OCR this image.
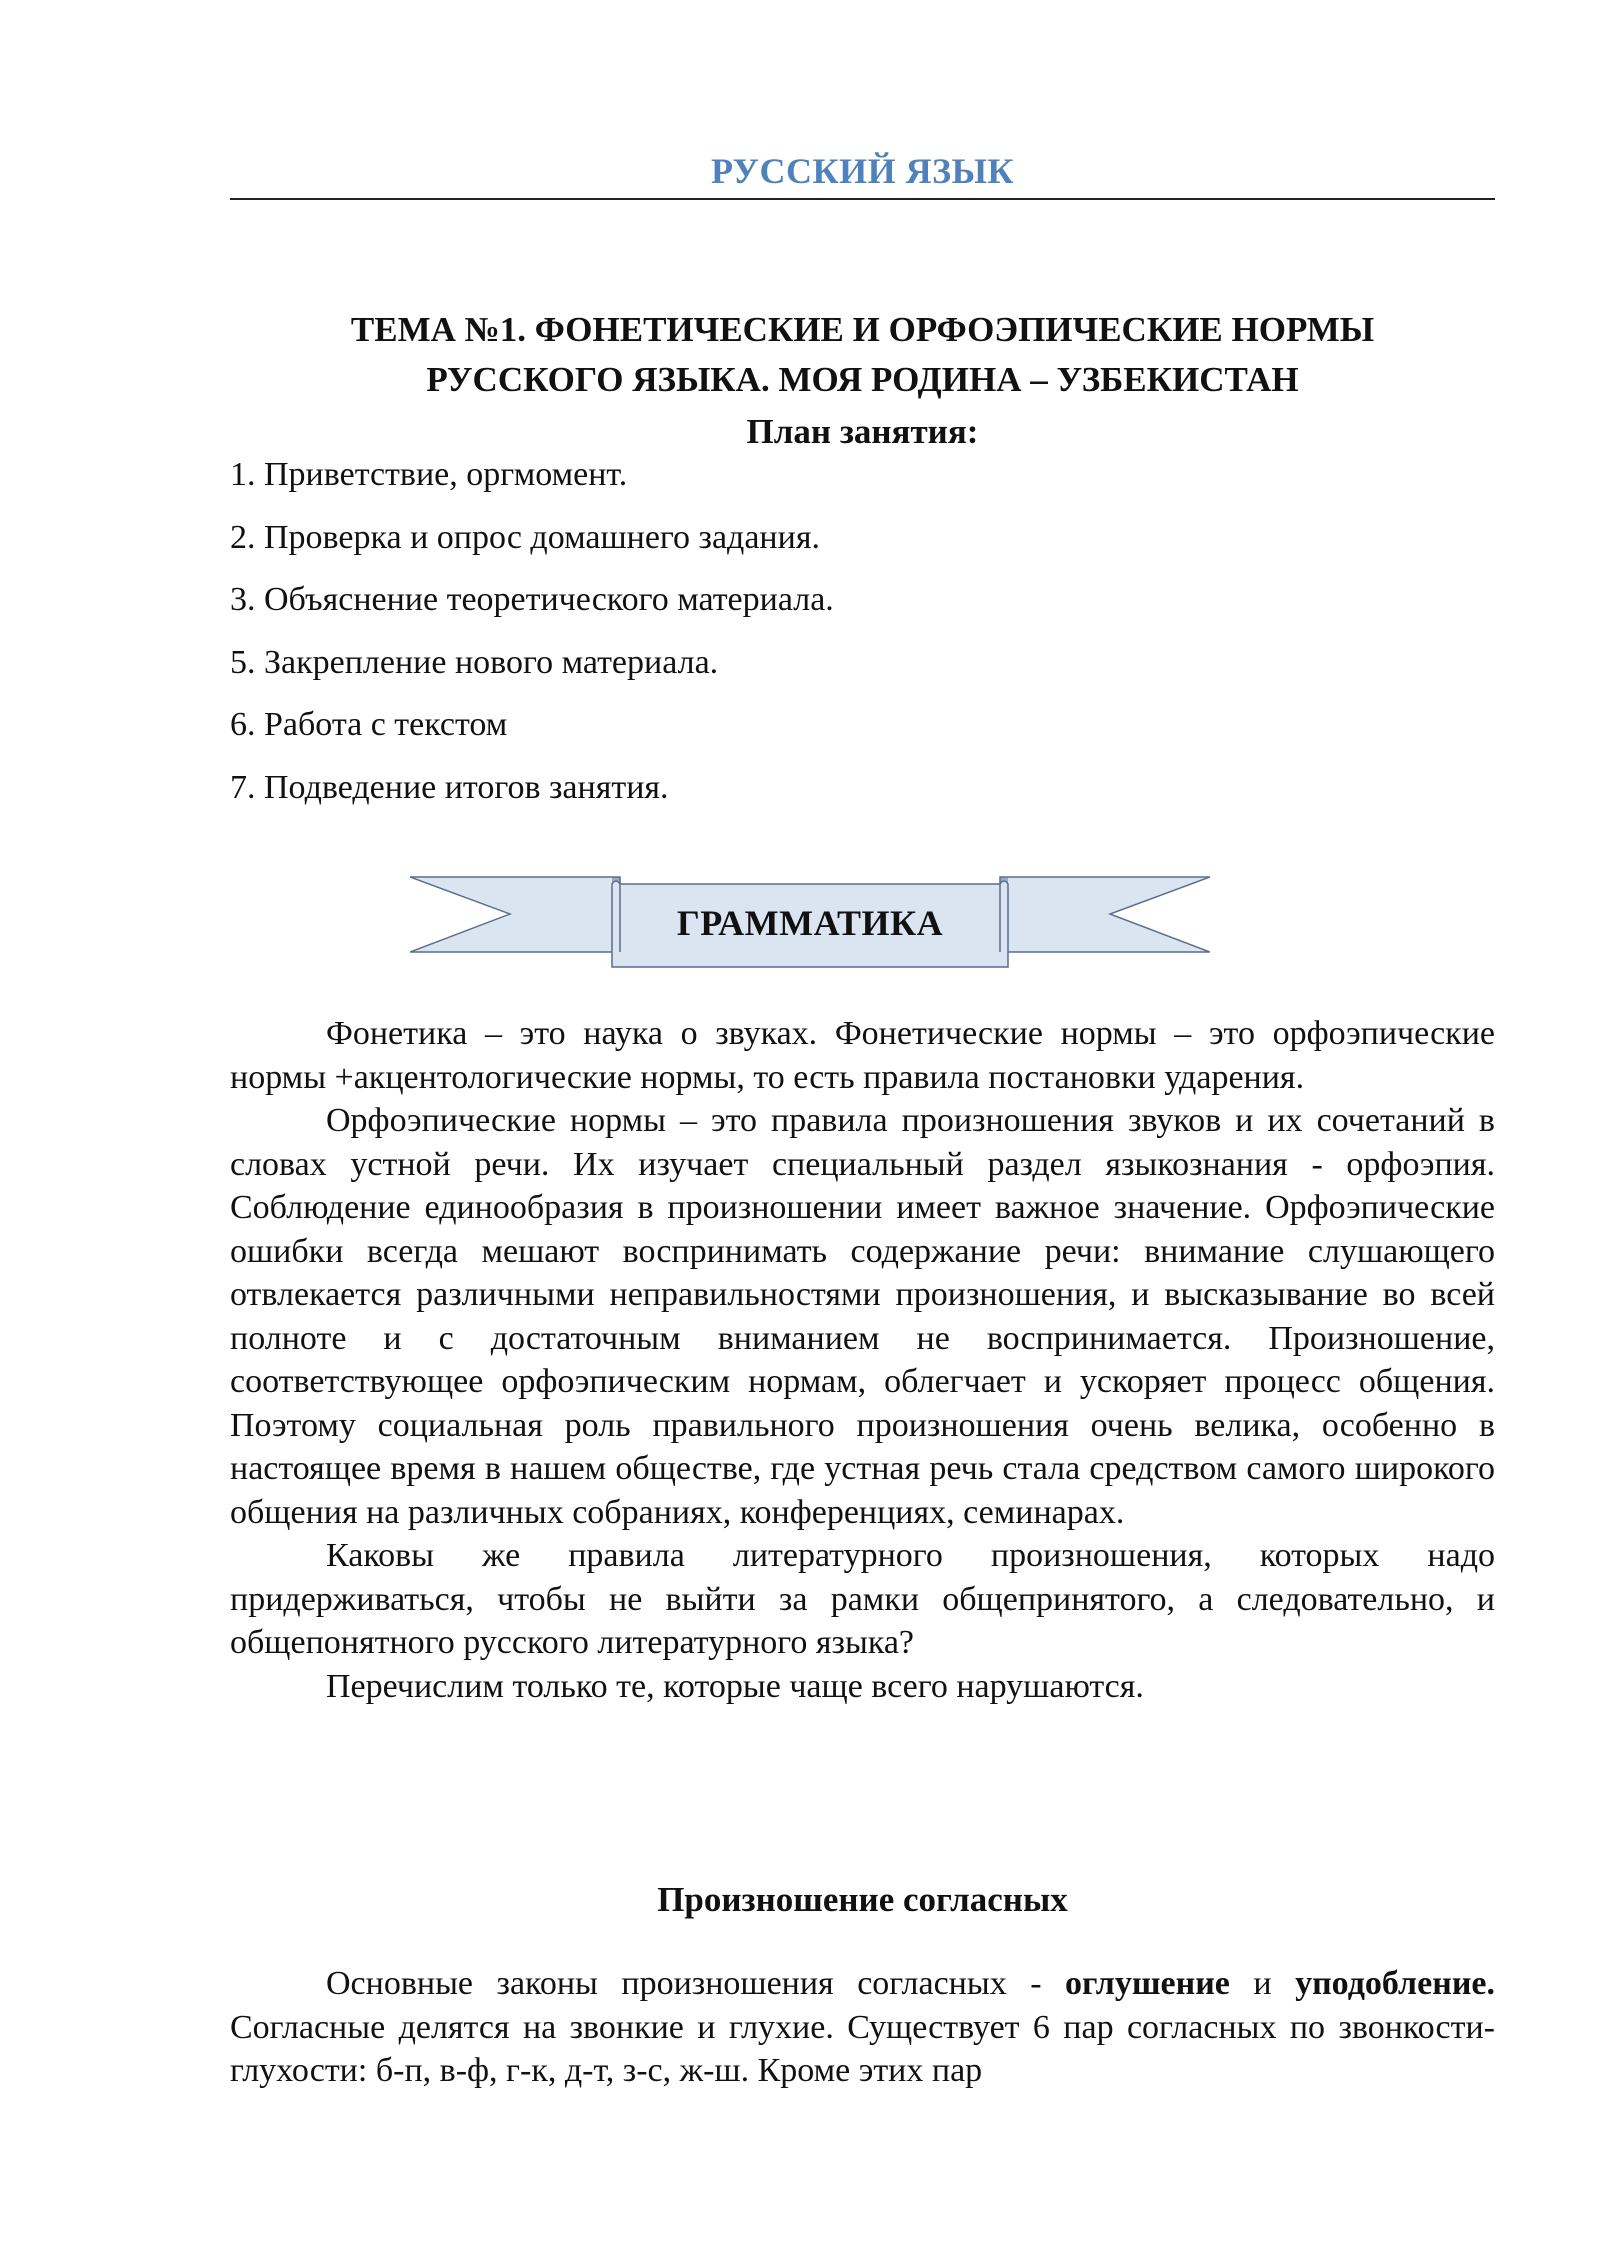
РУССКИЙ ЯЗЫК
ТЕМА №1. ФОНЕТИЧЕСКИЕ И ОРФОЭПИЧЕСКИЕ НОРМЫ
РУССКОГО ЯЗЫКА. МОЯ РОДИНА – УЗБЕКИСТАН
План занятия:
1. Приветствие, оргмомент.
2. Проверка и опрос домашнего задания.
3. Объяснение теоретического материала.
5. Закрепление нового материала.
6. Работа с текстом
7. Подведение итогов занятия.
ГРАММАТИКА

Фонетика – это наука о звуках. Фонетические нормы – это орфоэпические нормы +акцентологические нормы, то есть правила постановки ударения.

Орфоэпические нормы – это правила произношения звуков и их сочетаний в словах устной речи. Их изучает специальный раздел языкознания - орфоэпия. Соблюдение единообразия в произношении имеет важное значение. Орфоэпические ошибки всегда мешают воспринимать содержание речи: внимание слушающего отвлекается различными неправильностями произношения, и высказывание во всей полноте и с достаточным вниманием не воспринимается. Произношение, соответствующее орфоэпическим нормам, облегчает и ускоряет процесс общения. Поэтому социальная роль правильного произношения очень велика, особенно в настоящее время в нашем обществе, где устная речь стала средством самого широкого общения на различных собраниях, конференциях, семинарах.

Каковы же правила литературного произношения, которых надо придерживаться, чтобы не выйти за рамки общепринятого, а следовательно, и общепонятного русского литературного языка?

Перечислим только те, которые чаще всего нарушаются.

Произношение согласных

Основные законы произношения согласных - оглушение и уподобление. Согласные делятся на звонкие и глухие. Существует 6 пар согласных по звонкости-глухости: б-п, в-ф, г-к, д-т, з-с, ж-ш. Кроме этих пар
